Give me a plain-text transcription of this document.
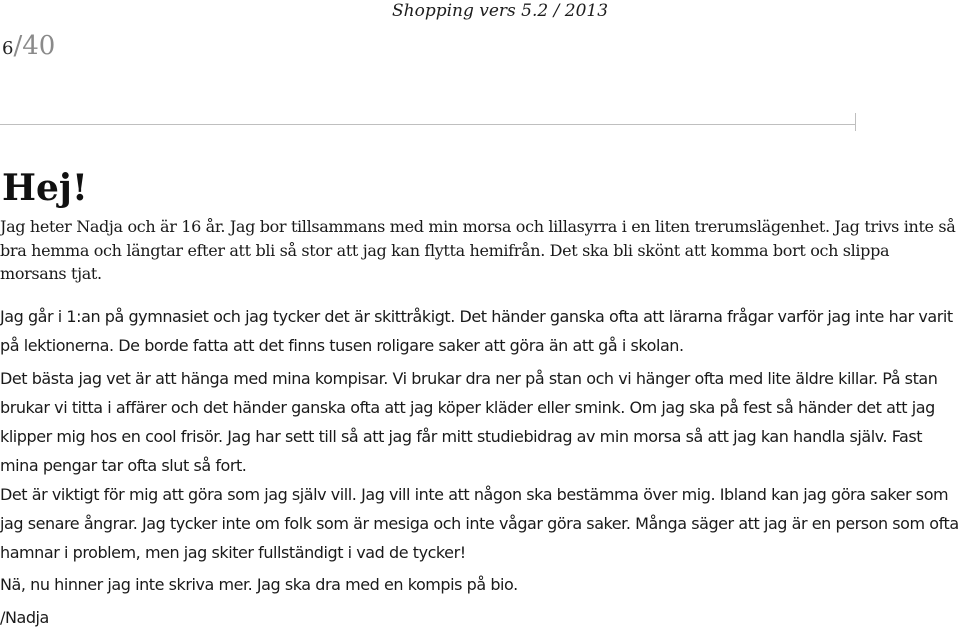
Shopping vers 5.2 / 2013
6/40
Hej!

Jag heter Nadja och är 16 år. Jag bor tillsammans med min morsa och lillasyrra i en liten trerumslägenhet. Jag trivs inte så bra hemma och längtar efter att bli så stor att jag kan flytta hemifrån. Det ska bli skönt att komma bort och slippa morsans tjat.

Jag går i 1:an på gymnasiet och jag tycker det är skittråkigt. Det händer ganska ofta att lärarna frågar varför jag inte har varit på lektionerna. De borde fatta att det finns tusen roligare saker att göra än att gå i skolan.

Det bästa jag vet är att hänga med mina kompisar. Vi brukar dra ner på stan och vi hänger ofta med lite äldre killar. På stan brukar vi titta i affärer och det händer ganska ofta att jag köper kläder eller smink. Om jag ska på fest så händer det att jag klipper mig hos en cool frisör. Jag har sett till så att jag får mitt studiebidrag av min morsa så att jag kan handla själv. Fast mina pengar tar ofta slut så fort.

Det är viktigt för mig att göra som jag själv vill. Jag vill inte att någon ska bestämma över mig. Ibland kan jag göra saker som jag senare ångrar. Jag tycker inte om folk som är mesiga och inte vågar göra saker. Många säger att jag är en person som ofta hamnar i problem, men jag skiter fullständigt i vad de tycker!

Nä, nu hinner jag inte skriva mer. Jag ska dra med en kompis på bio.

/Nadja
